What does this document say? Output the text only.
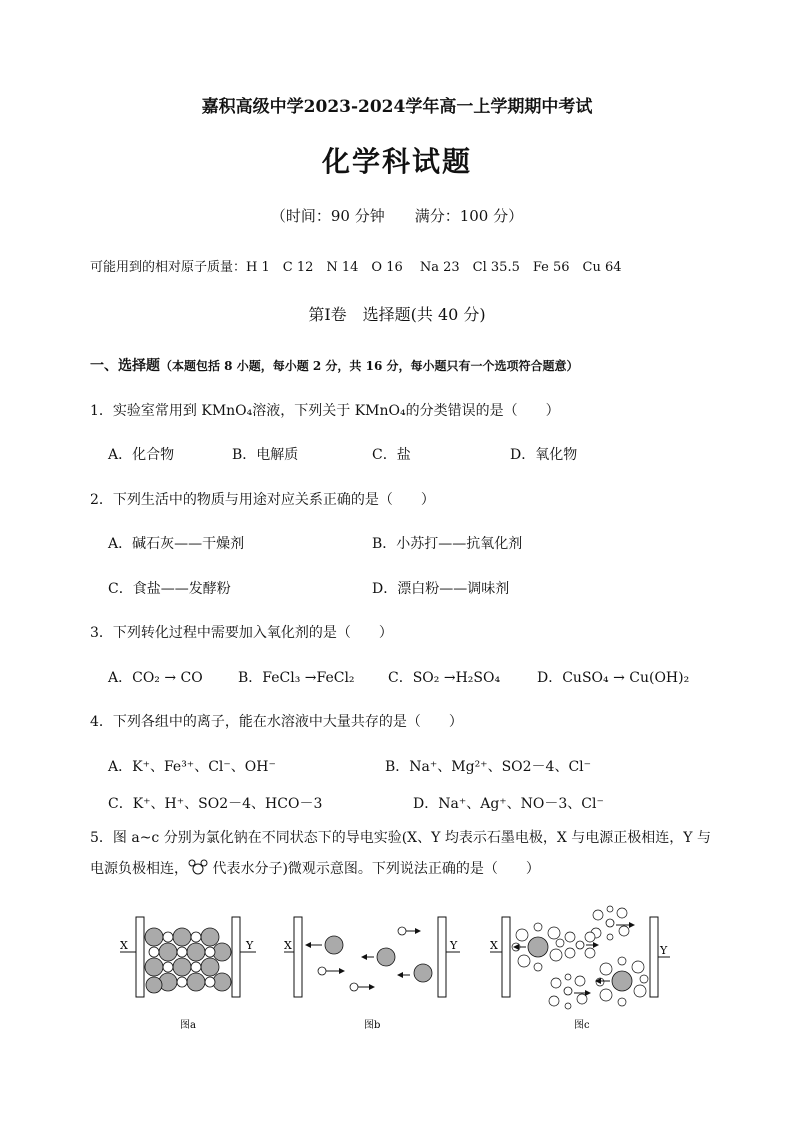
嘉积高级中学2023-2024学年高一上学期期中考试
化学科试题
（时间：90 分钟　　满分：100 分）
可能用到的相对原子质量：H 1　C 12　N 14　O 16　 Na 23　Cl 35.5　Fe 56　Cu 64
第Ⅰ卷　选择题(共 40 分)
一、选择题（本题包括 8 小题，每小题 2 分，共 16 分，每小题只有一个选项符合题意）
1．实验室常用到 KMnO₄溶液，下列关于 KMnO₄的分类错误的是（　　）
A．化合物	B．电解质	C．盐	D．氧化物
2．下列生活中的物质与用途对应关系正确的是（　　）
A．碱石灰——干燥剂	B．小苏打——抗氧化剂
C．食盐——发酵粉	D．漂白粉——调味剂
3．下列转化过程中需要加入氧化剂的是（　　）
A．CO₂ → CO	B．FeCl₃ →FeCl₂ C．SO₂ →H₂SO₄	D．CuSO₄ → Cu(OH)₂
4．下列各组中的离子，能在水溶液中大量共存的是（　　）
A．K⁺、Fe³⁺、Cl⁻、OH⁻	B．Na⁺、Mg²⁺、SO2－4、Cl⁻
C．K⁺、H⁺、SO2－4、HCO－3	D．Na⁺、Ag⁺、NO－3、Cl⁻
5．图 a~c 分别为氯化钠在不同状态下的导电实验(X、Y 均表示石墨电极，X 与电源正极相连，Y 与
电源负极相连， 代表水分子)微观示意图。下列说法正确的是（　　）
X	Y
图a
X	Y
图b
X	Y
图c
